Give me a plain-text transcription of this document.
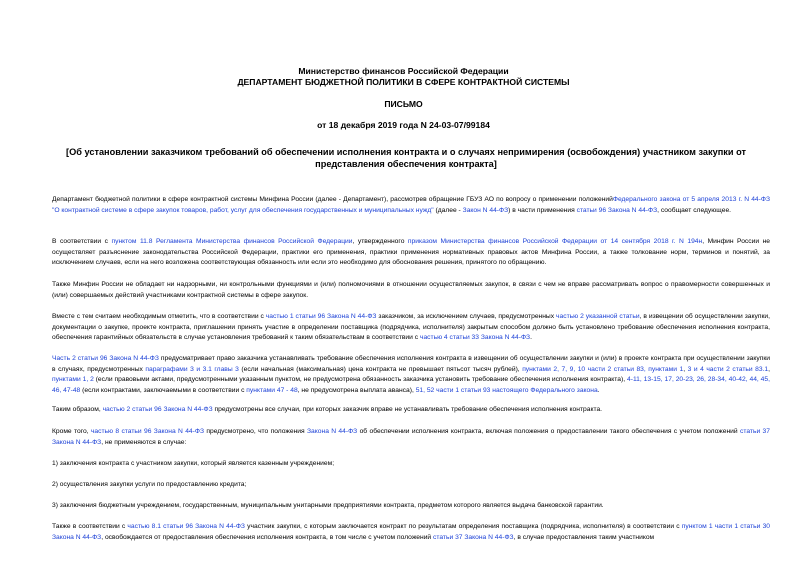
Министерство финансов Российской Федерации
ДЕПАРТАМЕНТ БЮДЖЕТНОЙ ПОЛИТИКИ В СФЕРЕ КОНТРАКТНОЙ СИСТЕМЫ
ПИСЬМО
от 18 декабря 2019 года N 24-03-07/99184
[Об установлении заказчиком требований об обеспечении исполнения контракта и о случаях непримирения (освобождения) участником закупки от представления обеспечения контракта]

Департамент бюджетной политики в сфере контрактной системы Минфина России (далее - Департамент), рассмотрев обращение ГБУЗ АО по вопросу о применении положенийФедерального закона от 5 апреля 2013 г. N 44-ФЗ "О контрактной системе в сфере закупок товаров, работ, услуг для обеспечения государственных и муниципальных нужд" (далее - Закон N 44-ФЗ) в части применения статьи 96 Закона N 44-ФЗ, сообщает следующее.

В соответствии с пунктом 11.8 Регламента Министерства финансов Российской Федерации, утвержденного приказом Министерства финансов Российской Федерации от 14 сентября 2018 г. N 194н, Минфин России не осуществляет разъяснение законодательства Российской Федерации, практики его применения, практики применения нормативных правовых актов Минфина России, а также толкование норм, терминов и понятий, за исключением случаев, если на него возложена соответствующая обязанность или если это необходимо для обоснования решения, принятого по обращению.

Также Минфин России не обладает ни надзорными, ни контрольными функциями и (или) полномочиями в отношении осуществляемых закупок, в связи с чем не вправе рассматривать вопрос о правомерности совершенных и (или) совершаемых действий участниками контрактной системы в сфере закупок.

Вместе с тем считаем необходимым отметить, что в соответствии с частью 1 статьи 96 Закона N 44-ФЗ заказчиком, за исключением случаев, предусмотренных частью 2 указанной статьи, в извещении об осуществлении закупки, документации о закупке, проекте контракта, приглашении принять участие в определении поставщика (подрядчика, исполнителя) закрытым способом должно быть установлено требование обеспечения исполнения контракта, обеспечения гарантийных обязательств в случае установления требований к таким обязательствам в соответствии с частью 4 статьи 33 Закона N 44-ФЗ.

Часть 2 статьи 96 Закона N 44-ФЗ предусматривает право заказчика устанавливать требование обеспечения исполнения контракта в извещении об осуществлении закупки и (или) в проекте контракта при осуществлении закупки в случаях, предусмотренных параграфами 3 и 3.1 главы 3 (если начальная (максимальная) цена контракта не превышает пятьсот тысяч рублей), пунктами 2, 7, 9, 10 части 2 статьи 83, пунктами 1, 3 и 4 части 2 статьи 83.1, пунктами 1, 2 (если правовыми актами, предусмотренными указанным пунктом, не предусмотрена обязанность заказчика установить требование обеспечения исполнения контракта), 4-11, 13-15, 17, 20-23, 26, 28-34, 40-42, 44, 45, 46, 47-48 (если контрактами, заключаемыми в соответствии с пунктами 47 - 48, не предусмотрена выплата аванса), 51, 52 части 1 статьи 93 настоящего Федерального закона.

Таким образом, частью 2 статьи 96 Закона N 44-ФЗ предусмотрены все случаи, при которых заказчик вправе не устанавливать требование обеспечения исполнения контракта.

Кроме того, частью 8 статьи 96 Закона N 44-ФЗ предусмотрено, что положения Закона N 44-ФЗ об обеспечении исполнения контракта, включая положения о предоставлении такого обеспечения с учетом положений статьи 37 Закона N 44-ФЗ, не применяются в случае:

1) заключения контракта с участником закупки, который является казенным учреждением;

2) осуществления закупки услуги по предоставлению кредита;

3) заключения бюджетным учреждением, государственным, муниципальным унитарными предприятиями контракта, предметом которого является выдача банковской гарантии.

Также в соответствии с частью 8.1 статьи 96 Закона N 44-ФЗ участник закупки, с которым заключается контракт по результатам определения поставщика (подрядчика, исполнителя) в соответствии с пунктом 1 части 1 статьи 30 Закона N 44-ФЗ, освобождается от предоставления обеспечения исполнения контракта, в том числе с учетом положений статьи 37 Закона N 44-ФЗ, в случае предоставления таким участником
